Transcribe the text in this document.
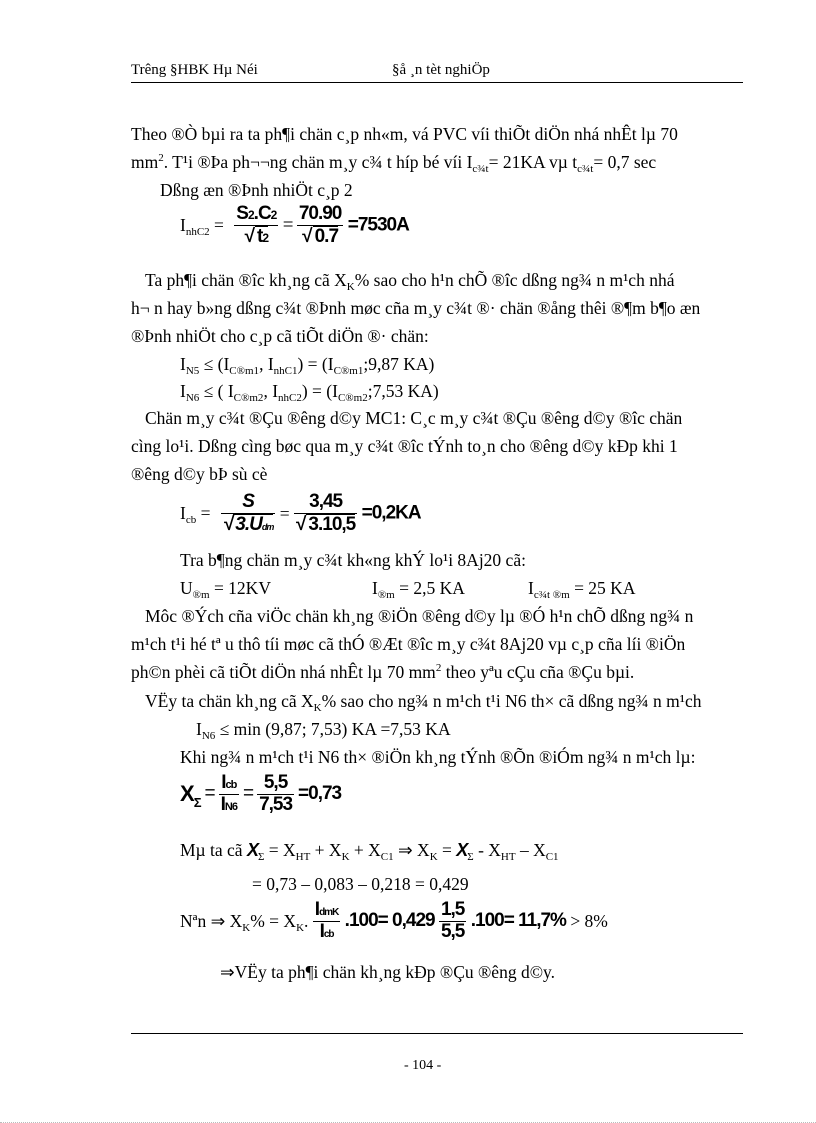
Trêng §HBK Hµ Néi	§å ¸n tèt nghiÖp
Theo ®Ò bµi ra ta ph¶i chän c¸p nh«m, vá PVC víi thiÕt diÖn nhá nhÊt lµ 70
$mm^2$. T¹i ®Þa ph¬¬ng chän m¸y c¾ t híp bé víi $I_{c\frac{3}{4}t}= 21KA$ vµ $t_{c\frac{3}{4}t}= 0,7$ sec
Dßng æn ®Þnh nhiÖt c¸p 2
$I_{nhC2} = \frac{S2.C2}{√ t2} = \frac{70.90}{√ 0.7} =7530A$
Ta ph¶i chän ®îc kh¸ng cã $X_K\%$ sao cho h¹n chÕ ®îc dßng ng¾ n m¹ch nhá
h¬ n hay b»ng dßng c¾t ®Þnh møc cña m¸y c¾t ®· chän ®ång thêi ®¶m b¶o æn
®Þnh nhiÖt cho c¸p cã tiÕt diÖn ®· chän:
$I_{N5} \le (I_{C®m1}$, $I_{nhC1}$) = ($I_{C®m1};9,87$ KA)
$I_{N6}$ ≤ ( $I_{C®m2}$, $I_{nhC2}$) = ($I_{C®m2};7,53$ KA)
Chän m¸y c¾t ®Çu ®êng d©y MC1: C¸c m¸y c¾t ®Çu ®êng d©y ®îc chän
cìng lo¹i. Dßng cìng bøc qua m¸y c¾t ®îc tÝnh to¸n cho ®êng d©y kÐp khi 1
®êng d©y bÞ sù cè
$I_{cb} = \frac{S}{\text{√ 3.Udm}} = \frac{3,45}{√ 3.10,5} =0,2KA$
Tra b¶ng chän m¸y c¾t kh«ng khÝ lo¹i 8Aj20 cã:
$U_{®m} = 12KV$	$I_{®m} = 2,5$ KA	$I_{c\frac{3}{4}t ®m} = 25$ KA
Môc ®Ých cña viÖc chän kh¸ng ®iÖn ®êng d©y lµ ®Ó h¹n chÕ dßng ng¾ n
m¹ch t¹i hé tª u thô tíi møc cã thÓ ®Æt ®îc m¸y c¾t 8Aj20 vµ c¸p cña líi ®iÖn
ph©n phèi cã tiÕt diÖn nhá nhÊt lµ 70 $mm^2$ theo yªu cÇu cña ®Çu bµi.
VËy ta chän kh¸ng cã $X_K\%$ sao cho ng¾ n m¹ch t¹i N6 th× cã dßng ng¾ n m¹ch
$I_{N6} \le \min (9,87$; 7,53) KA =7,53 KA
Khi ng¾ n m¹ch t¹i N6 th× ®iÖn kh¸ng tÝnh ®Õn ®iÓm ng¾ n m¹ch lµ:
$X_\Sigma = \frac{\text{Icb}}{IN6} = \frac{5,5}{7,53} =0,73$
Mµ ta cã $X_\Sigma = X_{HT} + X_K + X_{C1}$ ⇒ $X_K = X_\Sigma - X_{HT} - X_{C1}$
= 0,73 – 0,083 – 0,218 = 0,429
Nªn ⇒ $X_K\% = X_K$. $\frac{\text{IdmK}}{\text{Icb}} .100= 0,429 \frac{1,5}{5,5} .100= 11,7\% > 8\%$
⇒VËy ta ph¶i chän kh¸ng kÐp ®Çu ®êng d©y.
- 104 -
